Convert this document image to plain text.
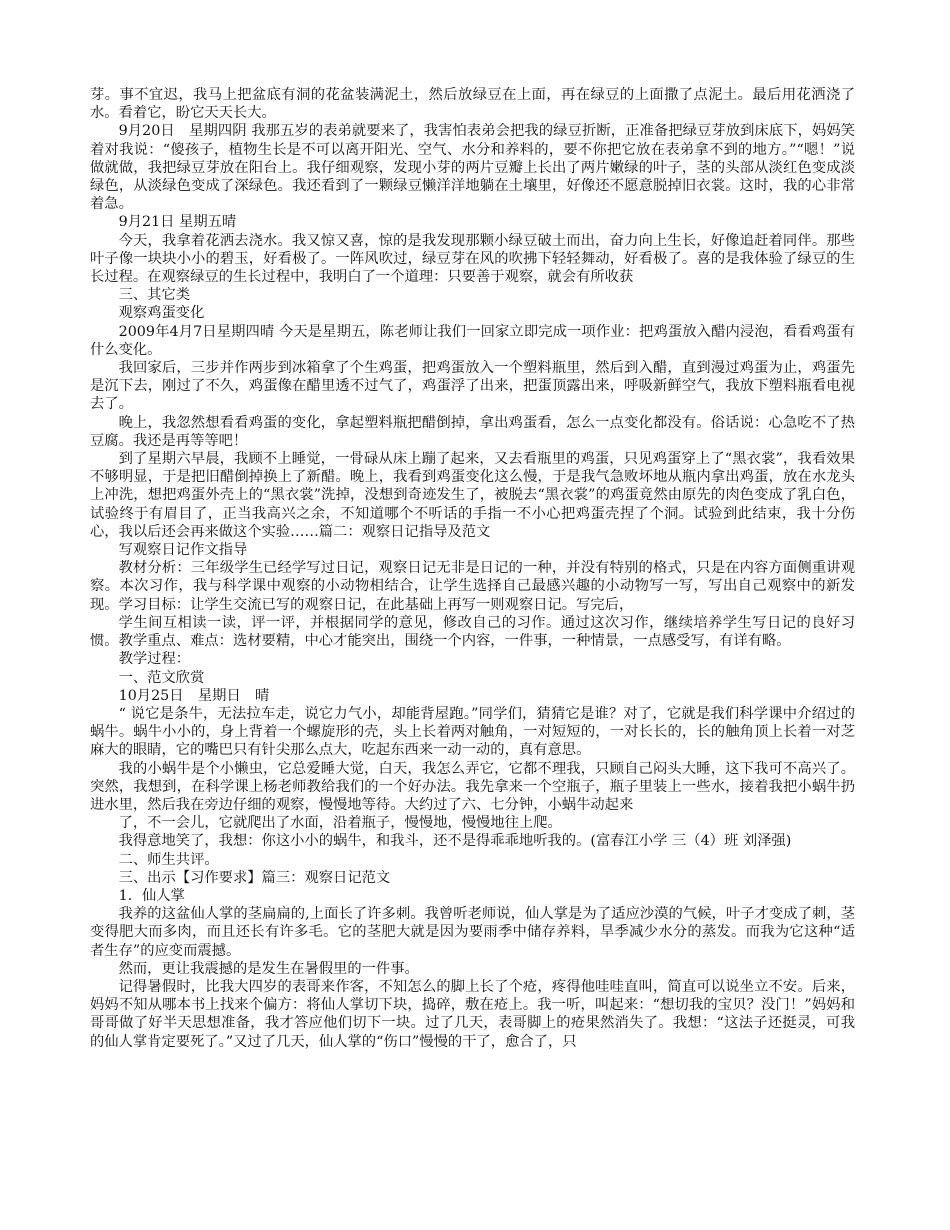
芽。事不宜迟，我马上把盆底有洞的花盆装满泥土，然后放绿豆在上面，再在绿豆的上面撒了点泥土。最后用花洒浇了水。看着它，盼它天天长大。

9月20日　星期四阴 我那五岁的表弟就要来了，我害怕表弟会把我的绿豆折断，正准备把绿豆芽放到床底下，妈妈笑着对我说：“傻孩子，植物生长是不可以离开阳光、空气、水分和养料的，要不你把它放在表弟拿不到的地方。”“嗯！”说做就做，我把绿豆芽放在阳台上。我仔细观察，发现小芽的两片豆瓣上长出了两片嫩绿的叶子，茎的头部从淡红色变成淡绿色，从淡绿色变成了深绿色。我还看到了一颗绿豆懒洋洋地躺在土壤里，好像还不愿意脱掉旧衣裳。这时，我的心非常着急。

9月21日 星期五晴

今天，我拿着花洒去浇水。我又惊又喜，惊的是我发现那颗小绿豆破土而出，奋力向上生长，好像追赶着同伴。那些叶子像一块块小小的碧玉，好看极了。一阵风吹过，绿豆芽在风的吹拂下轻轻舞动，好看极了。喜的是我体验了绿豆的生长过程。在观察绿豆的生长过程中，我明白了一个道理：只要善于观察，就会有所收获

三、其它类

观察鸡蛋变化

2009年4月7日星期四晴 今天是星期五，陈老师让我们一回家立即完成一项作业：把鸡蛋放入醋内浸泡，看看鸡蛋有什么变化。

我回家后，三步并作两步到冰箱拿了个生鸡蛋，把鸡蛋放入一个塑料瓶里，然后到入醋，直到漫过鸡蛋为止，鸡蛋先是沉下去，刚过了不久，鸡蛋像在醋里透不过气了，鸡蛋浮了出来，把蛋顶露出来，呼吸新鲜空气，我放下塑料瓶看电视去了。

晚上，我忽然想看看鸡蛋的变化，拿起塑料瓶把醋倒掉，拿出鸡蛋看，怎么一点变化都没有。俗话说：心急吃不了热豆腐。我还是再等等吧！

到了星期六早晨，我顾不上睡觉，一骨碌从床上蹦了起来，又去看瓶里的鸡蛋，只见鸡蛋穿上了“黑衣裳”，我看效果不够明显，于是把旧醋倒掉换上了新醋。晚上，我看到鸡蛋变化这么慢，于是我气急败坏地从瓶内拿出鸡蛋，放在水龙头上冲洗，想把鸡蛋外壳上的“黑衣裳”洗掉，没想到奇迹发生了，被脱去“黑衣裳”的鸡蛋竟然由原先的肉色变成了乳白色，试验终于有眉目了，正当我高兴之余，不知道哪个不听话的手指一不小心把鸡蛋壳捏了个洞。试验到此结束，我十分伤心，我以后还会再来做这个实验……篇二：观察日记指导及范文

写观察日记作文指导

教材分析：三年级学生已经学写过日记，观察日记无非是日记的一种，并没有特别的格式，只是在内容方面侧重讲观察。本次习作，我与科学课中观察的小动物相结合，让学生选择自己最感兴趣的小动物写一写，写出自己观察中的新发现。学习目标：让学生交流已写的观察日记，在此基础上再写一则观察日记。写完后，

学生间互相读一读，评一评，并根据同学的意见，修改自己的习作。通过这次习作，继续培养学生写日记的良好习惯。教学重点、难点：选材要精，中心才能突出，围绕一个内容，一件事，一种情景，一点感受写，有详有略。

教学过程：

一、范文欣赏

10月25日　星期日　晴

“ 说它是条牛，无法拉车走，说它力气小，却能背屋跑。”同学们，猜猜它是谁？对了，它就是我们科学课中介绍过的蜗牛。蜗牛小小的，身上背着一个螺旋形的壳，头上长着两对触角，一对短短的，一对长长的，长的触角顶上长着一对芝麻大的眼睛，它的嘴巴只有针尖那么点大，吃起东西来一动一动的，真有意思。

我的小蜗牛是个小懒虫，它总爱睡大觉，白天，我怎么弄它，它都不理我，只顾自己闷头大睡，这下我可不高兴了。突然，我想到，在科学课上杨老师教给我们的一个好办法。我先拿来一个空瓶子，瓶子里装上一些水，接着我把小蜗牛扔进水里，然后我在旁边仔细的观察，慢慢地等待。大约过了六、七分钟，小蜗牛动起来

了，不一会儿，它就爬出了水面，沿着瓶子，慢慢地，慢慢地往上爬。

我得意地笑了，我想：你这小小的蜗牛，和我斗，还不是得乖乖地听我的。(富春江小学 三（4）班 刘泽强)

二、师生共评。

三、出示【习作要求】篇三：观察日记范文

1．仙人掌

我养的这盆仙人掌的茎扁扁的,上面长了许多刺。我曾听老师说，仙人掌是为了适应沙漠的气候，叶子才变成了刺，茎变得肥大而多肉，而且还长有许多毛。它的茎肥大就是因为要雨季中储存养料，旱季减少水分的蒸发。而我为它这种“适者生存”的应变而震撼。

然而，更让我震撼的是发生在暑假里的一件事。

记得暑假时，比我大四岁的表哥来作客，不知怎么的脚上长了个疮，疼得他哇哇直叫，简直可以说坐立不安。后来，妈妈不知从哪本书上找来个偏方：将仙人掌切下块，捣碎，敷在疮上。我一听，叫起来：“想切我的宝贝？没门！”妈妈和哥哥做了好半天思想准备，我才答应他们切下一块。过了几天，表哥脚上的疮果然消失了。我想：“这法子还挺灵，可我的仙人掌肯定要死了。”又过了几天，仙人掌的“伤口”慢慢的干了，愈合了，只
